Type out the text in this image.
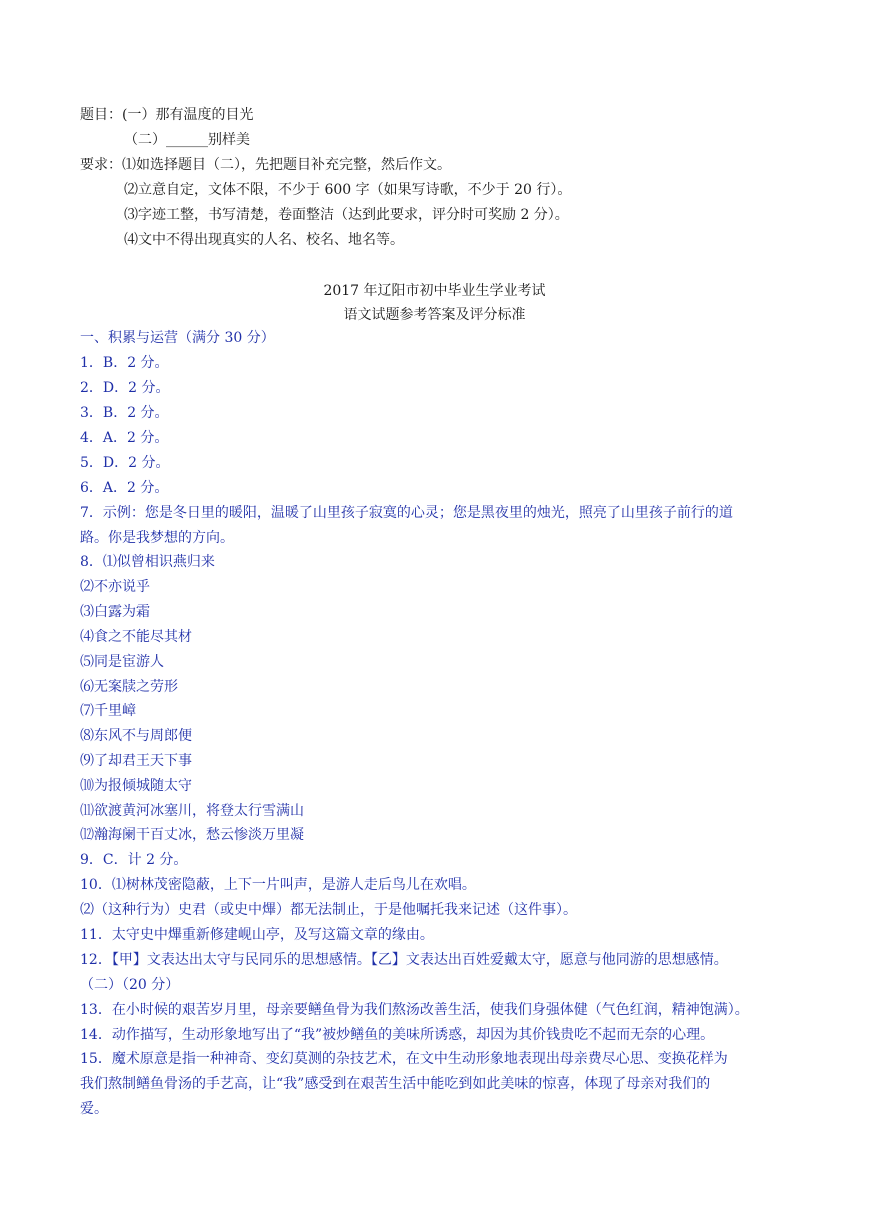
题目：(一）那有温度的目光
（二）______别样美
要求：⑴如选择题目（二），先把题目补充完整，然后作文。
⑵立意自定，文体不限，不少于 600 字（如果写诗歌，不少于 20 行）。
⑶字迹工整，书写清楚，卷面整洁（达到此要求，评分时可奖励 2 分）。
⑷文中不得出现真实的人名、校名、地名等。
2017 年辽阳市初中毕业生学业考试
语文试题参考答案及评分标准
一、积累与运营（满分 30 分）
1．B．2 分。
2．D．2 分。
3．B．2 分。
4．A．2 分。
5．D．2 分。
6．A．2 分。
7．示例：您是冬日里的暖阳，温暖了山里孩子寂寞的心灵；您是黑夜里的烛光，照亮了山里孩子前行的道
路。你是我梦想的方向。
8．⑴似曾相识燕归来
⑵不亦说乎
⑶白露为霜
⑷食之不能尽其材
⑸同是宦游人
⑹无案牍之劳形
⑺千里嶂
⑻东风不与周郎便
⑼了却君王天下事
⑽为报倾城随太守
⑾欲渡黄河冰塞川，将登太行雪满山
⑿瀚海阑干百丈冰，愁云惨淡万里凝
9．C．计 2 分。
10．⑴树林茂密隐蔽，上下一片叫声，是游人走后鸟儿在欢唱。
⑵（这种行为）史君（或史中熚）都无法制止，于是他嘱托我来记述（这件事）。
11．太守史中熚重新修建岘山亭，及写这篇文章的缘由。
12．【甲】文表达出太守与民同乐的思想感情。【乙】文表达出百姓爱戴太守，愿意与他同游的思想感情。
（二）（20 分）
13．在小时候的艰苦岁月里，母亲要鳝鱼骨为我们熬汤改善生活，使我们身强体健（气色红润，精神饱满）。
14．动作描写，生动形象地写出了“我”被炒鳝鱼的美味所诱惑，却因为其价钱贵吃不起而无奈的心理。
15．魔术原意是指一种神奇、变幻莫测的杂技艺术，在文中生动形象地表现出母亲费尽心思、变换花样为
我们熬制鳝鱼骨汤的手艺高，让“我”感受到在艰苦生活中能吃到如此美味的惊喜，体现了母亲对我们的
爱。
